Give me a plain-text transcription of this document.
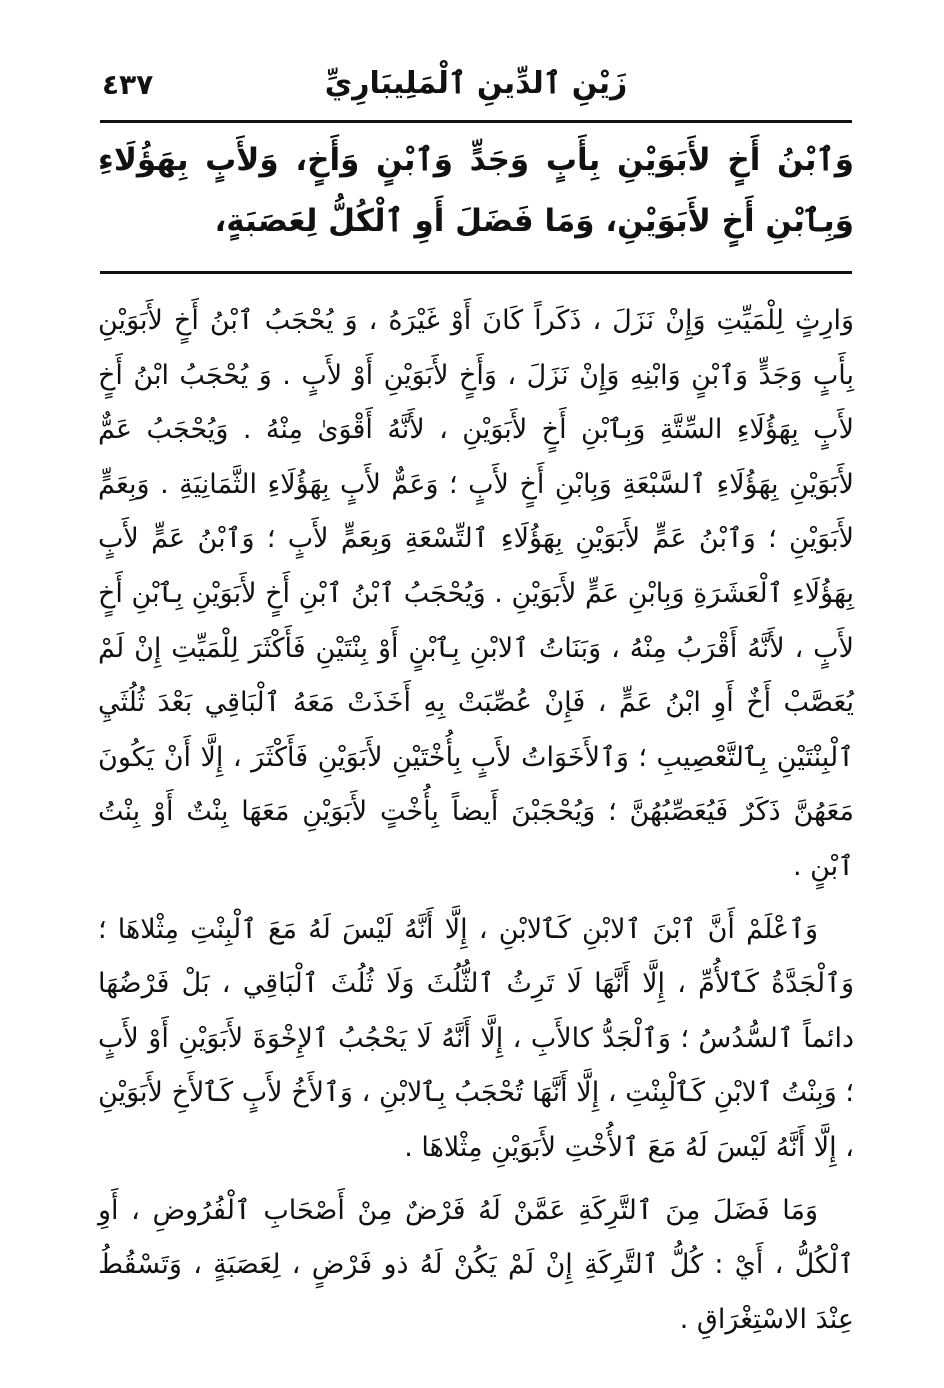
زَيْنِ ٱلدِّينِ ٱلْمَلِيبَارِيِّ
٤٣٧
وَٱبْنُ أَخٍ لأَبَوَيْنِ بِأَبٍ وَجَدٍّ وَٱبْنٍ وَأَخٍ، وَلأَبٍ بِهَؤُلَاءِ وَبِٱبْنِ أَخٍ لأَبَوَيْنِ، وَمَا فَضَلَ أَوِ ٱلْكُلُّ لِعَصَبَةٍ،

وَارِثٍ لِلْمَيِّتِ وَإِنْ نَزَلَ ، ذَكَراً كَانَ أَوْ غَيْرَهُ ، وَ يُحْجَبُ ٱبْنُ أَخٍ لأَبَوَيْنِ بِأَبٍ وَجَدٍّ وَٱبْنٍ وَابْنِهِ وَإِنْ نَزَلَ ، وَأَخٍ لأَبَوَيْنِ أَوْ لأَبٍ . وَ يُحْجَبُ ابْنُ أَخٍ لأَبٍ بِهَؤُلَاءِ السِّتَّةِ وَبِٱبْنِ أَخٍ لأَبَوَيْنِ ، لأَنَّهُ أَقْوَىٰ مِنْهُ . وَيُحْجَبُ عَمٌّ لأَبَوَيْنِ بِهَؤُلَاءِ ٱلسَّبْعَةِ وَبِابْنِ أَخٍ لأَبٍ ؛ وَعَمٌّ لأَبٍ بِهَؤُلَاءِ الثَّمَانِيَةِ . وَبِعَمٍّ لأَبَوَيْنِ ؛ وَٱبْنُ عَمٍّ لأَبَوَيْنِ بِهَؤُلَاءِ ٱلتِّسْعَةِ وَبِعَمٍّ لأَبٍ ؛ وَٱبْنُ عَمٍّ لأَبٍ بِهَؤُلَاءِ ٱلْعَشَرَةِ وَبِابْنِ عَمٍّ لأَبَوَيْنِ . وَيُحْجَبُ ٱبْنُ ٱبْنِ أَخٍ لأَبَوَيْنِ بِٱبْنِ أَخٍ لأَبٍ ، لأَنَّهُ أَقْرَبُ مِنْهُ ، وَبَنَاتُ ٱلابْنِ بِٱبْنٍ أَوْ بِنْتَيْنِ فَأَكْثَرَ لِلْمَيِّتِ إِنْ لَمْ يُعَصَّبْ أَخٌ أَوِ ابْنُ عَمٍّ ، فَإِنْ عُصِّبَتْ بِهِ أَخَذَتْ مَعَهُ ٱلْبَاقِي بَعْدَ ثُلُثَيِ ٱلْبِنْتَيْنِ بِٱلتَّعْصِيبِ ؛ وَٱلأَخَوَاتُ لأَبٍ بِأُخْتَيْنِ لأَبَوَيْنِ فَأَكْثَرَ ، إِلَّا أَنْ يَكُونَ مَعَهُنَّ ذَكَرٌ فَيُعَصِّبُهُنَّ ؛ وَيُحْجَبْنَ أَيضاً بِأُخْتٍ لأَبَوَيْنِ مَعَهَا بِنْتٌ أَوْ بِنْتُ ٱبْنٍ .

وَٱعْلَمْ أَنَّ ٱبْنَ ٱلابْنِ كَٱلابْنِ ، إِلَّا أَنَّهُ لَيْسَ لَهُ مَعَ ٱلْبِنْتِ مِثْلاهَا ؛ وَٱلْجَدَّةُ كَٱلأُمِّ ، إِلَّا أَنَّهَا لَا تَرِثُ ٱلثُّلُثَ وَلَا ثُلُثَ ٱلْبَاقِي ، بَلْ فَرْضُهَا دائماً ٱلسُّدُسُ ؛ وَٱلْجَدُّ كالأَبِ ، إِلَّا أَنَّهُ لَا يَحْجُبُ ٱلإِخْوَةَ لأَبَوَيْنِ أَوْ لأَبٍ ؛ وَبِنْتُ ٱلابْنِ كَٱلْبِنْتِ ، إِلَّا أَنَّهَا تُحْجَبُ بِٱلابْنِ ، وَٱلأَخُ لأَبٍ كَٱلأَخِ لأَبَوَيْنِ ، إِلَّا أَنَّهُ لَيْسَ لَهُ مَعَ ٱلأُخْتِ لأَبَوَيْنِ مِثْلاهَا .

وَمَا فَضَلَ مِنَ ٱلتَّرِكَةِ عَمَّنْ لَهُ فَرْضٌ مِنْ أَصْحَابِ ٱلْفُرُوضِ ، أَوِ ٱلْكُلُّ ، أَيْ : كُلُّ ٱلتَّرِكَةِ إِنْ لَمْ يَكُنْ لَهُ ذو فَرْضٍ ، لِعَصَبَةٍ ، وَتَسْقُطُ عِنْدَ الاسْتِغْرَاقِ .
